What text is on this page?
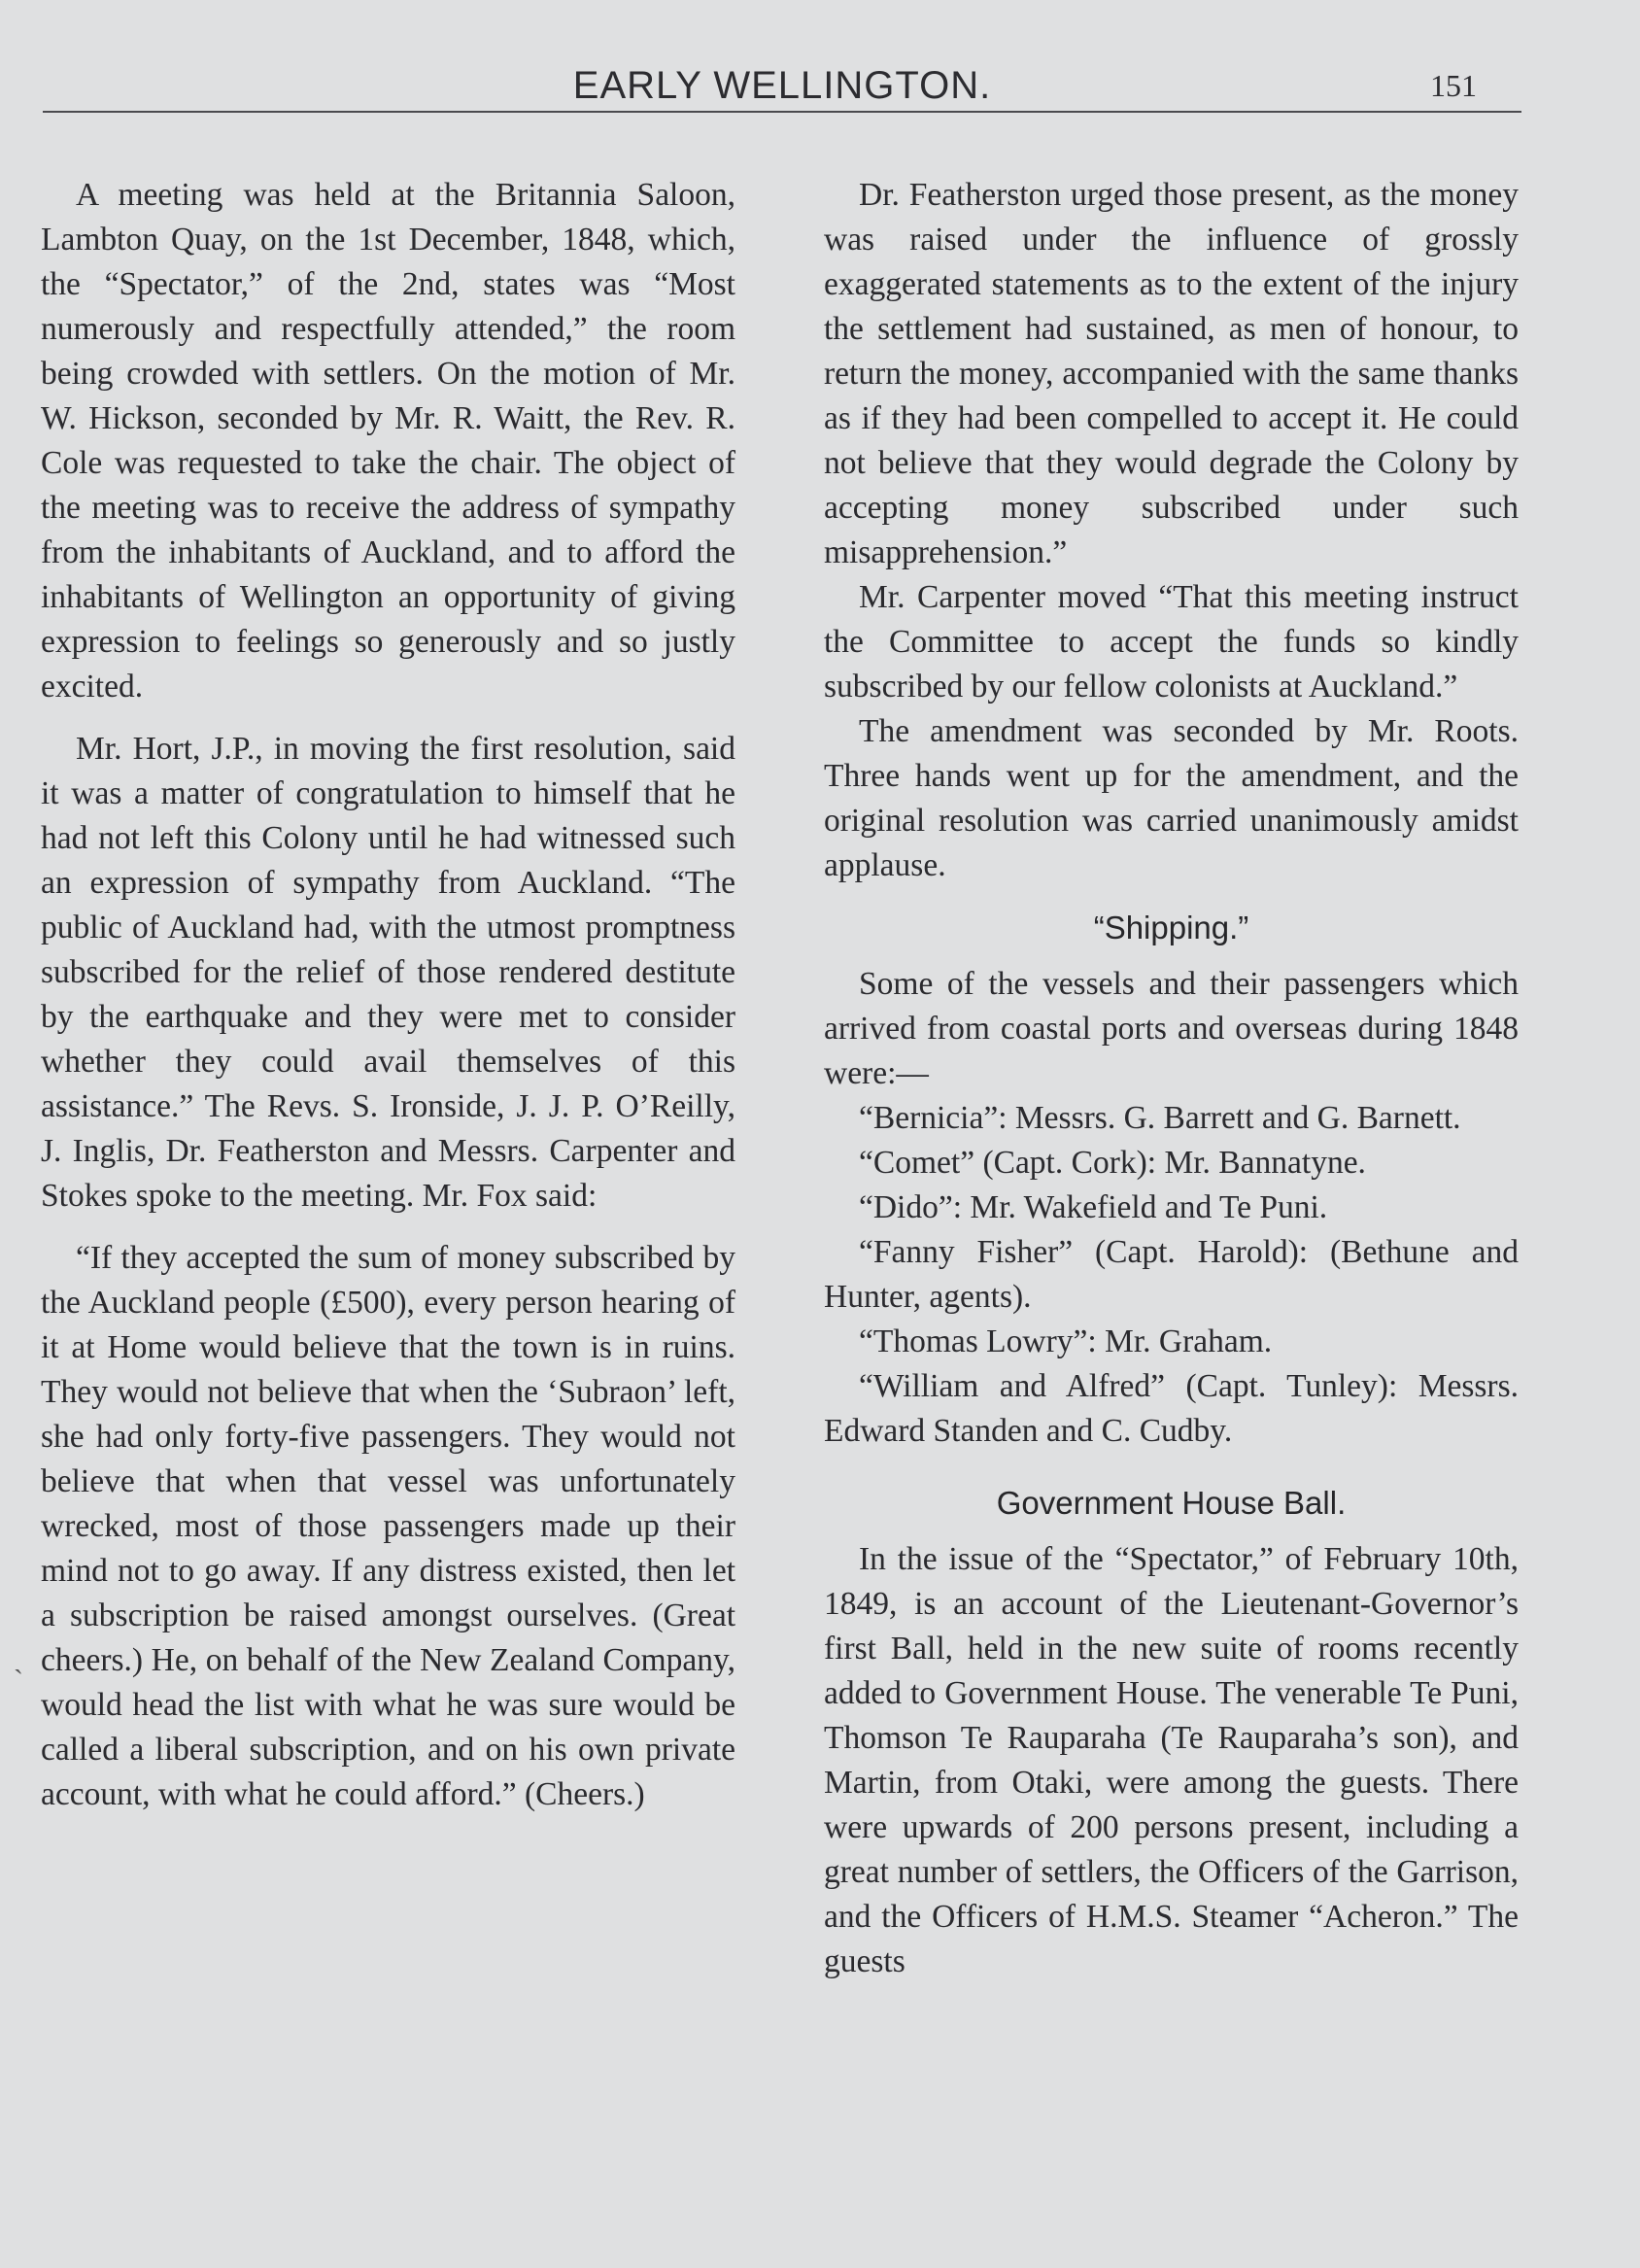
EARLY WELLINGTON.	151

A meeting was held at the Britannia Saloon, Lambton Quay, on the 1st December, 1848, which, the “Spectator,” of the 2nd, states was “Most numerously and respectfully attended,” the room being crowded with settlers. On the motion of Mr. W. Hickson, seconded by Mr. R. Waitt, the Rev. R. Cole was requested to take the chair. The object of the meeting was to receive the address of sympathy from the inhabitants of Auckland, and to afford the inhabitants of Wellington an opportunity of giving expression to feelings so generously and so justly excited.

Mr. Hort, J.P., in moving the first resolution, said it was a matter of congratulation to himself that he had not left this Colony until he had witnessed such an expression of sympathy from Auckland. “The public of Auckland had, with the utmost promptness subscribed for the relief of those rendered destitute by the earthquake and they were met to consider whether they could avail themselves of this assistance.” The Revs. S. Ironside, J. J. P. O’Reilly, J. Inglis, Dr. Featherston and Messrs. Carpenter and Stokes spoke to the meeting. Mr. Fox said:

“If they accepted the sum of money subscribed by the Auckland people (£500), every person hearing of it at Home would believe that the town is in ruins. They would not believe that when the ‘Subraon’ left, she had only forty-five passengers. They would not believe that when that vessel was unfortunately wrecked, most of those passengers made up their mind not to go away. If any distress existed, then let a subscription be raised amongst ourselves. (Great cheers.) He, on behalf of the New Zealand Company, would head the list with what he was sure would be called a liberal subscription, and on his own private account, with what he could afford.” (Cheers.)

Dr. Featherston urged those present, as the money was raised under the influence of grossly exaggerated statements as to the extent of the injury the settlement had sustained, as men of honour, to return the money, accompanied with the same thanks as if they had been compelled to accept it. He could not believe that they would degrade the Colony by accepting money subscribed under such misapprehension.”

Mr. Carpenter moved “That this meeting instruct the Committee to accept the funds so kindly subscribed by our fellow colonists at Auckland.”

The amendment was seconded by Mr. Roots. Three hands went up for the amendment, and the original resolution was carried unanimously amidst applause.

“Shipping.”

Some of the vessels and their passengers which arrived from coastal ports and overseas during 1848 were:—

“Bernicia”: Messrs. G. Barrett and G. Barnett.

“Comet” (Capt. Cork): Mr. Bannatyne.

“Dido”: Mr. Wakefield and Te Puni.

“Fanny Fisher” (Capt. Harold): (Bethune and Hunter, agents).

“Thomas Lowry”: Mr. Graham.

“William and Alfred” (Capt. Tunley): Messrs. Edward Standen and C. Cudby.

Government House Ball.

In the issue of the “Spectator,” of February 10th, 1849, is an account of the Lieutenant-Governor’s first Ball, held in the new suite of rooms recently added to Government House. The venerable Te Puni, Thomson Te Rauparaha (Te Rauparaha’s son), and Martin, from Otaki, were among the guests. There were upwards of 200 persons present, including a great number of settlers, the Officers of the Garrison, and the Officers of H.M.S. Steamer “Acheron.” The guests

ˏ
